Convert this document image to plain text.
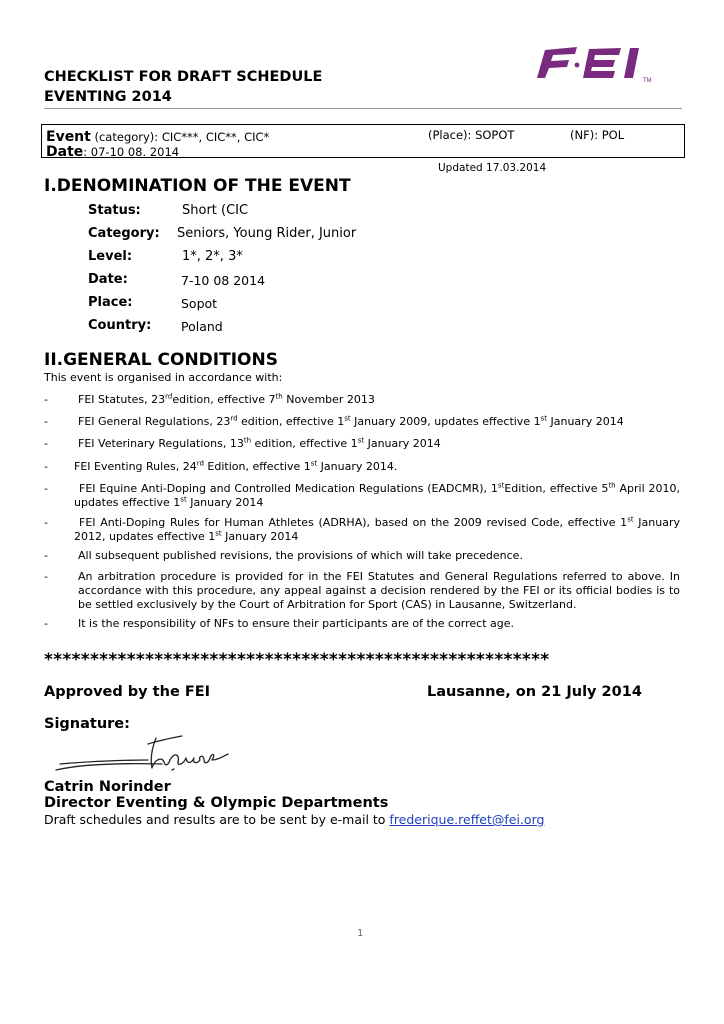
CHECKLIST FOR DRAFT SCHEDULE
EVENTING 2014
TM
Event (category): CIC***, CIC**, CIC*	(Place): SOPOT	(NF): POL
Date: 07-10 08. 2014
Updated 17.03.2014
I.DENOMINATION OF THE EVENT
Status:	Short (CIC
Category: Seniors, Young Rider, Junior
Level:	1*, 2*, 3*
Date:	7-10 08 2014
Place:	Sopot
Country: Poland
II.GENERAL CONDITIONS
This event is organised in accordance with:
-	FEI Statutes, 23rdedition, effective 7th November 2013
-	FEI General Regulations, 23rd edition, effective 1st January 2009, updates effective 1st January 2014
-	FEI Veterinary Regulations, 13th edition, effective 1st January 2014
- FEI Eventing Rules, 24rd Edition, effective 1st January 2014.
-	FEI Equine Anti-Doping and Controlled Medication Regulations (EADCMR), 1stEdition, effective 5th April 2010, updates effective 1st January 2014
-	FEI Anti-Doping Rules for Human Athletes (ADRHA), based on the 2009 revised Code, effective 1st January 2012, updates effective 1st January 2014
-	All subsequent published revisions, the provisions of which will take precedence.
-	An arbitration procedure is provided for in the FEI Statutes and General Regulations referred to above. In accordance with this procedure, any appeal against a decision rendered by the FEI or its official bodies is to be settled exclusively by the Court of Arbitration for Sport (CAS) in Lausanne, Switzerland.
-	It is the responsibility of NFs to ensure their participants are of the correct age.
*******************************************************
Approved by the FEI	Lausanne, on 21 July 2014
Signature:
Catrin Norinder
Director Eventing & Olympic Departments
Draft schedules and results are to be sent by e-mail to frederique.reffet@fei.org
1
